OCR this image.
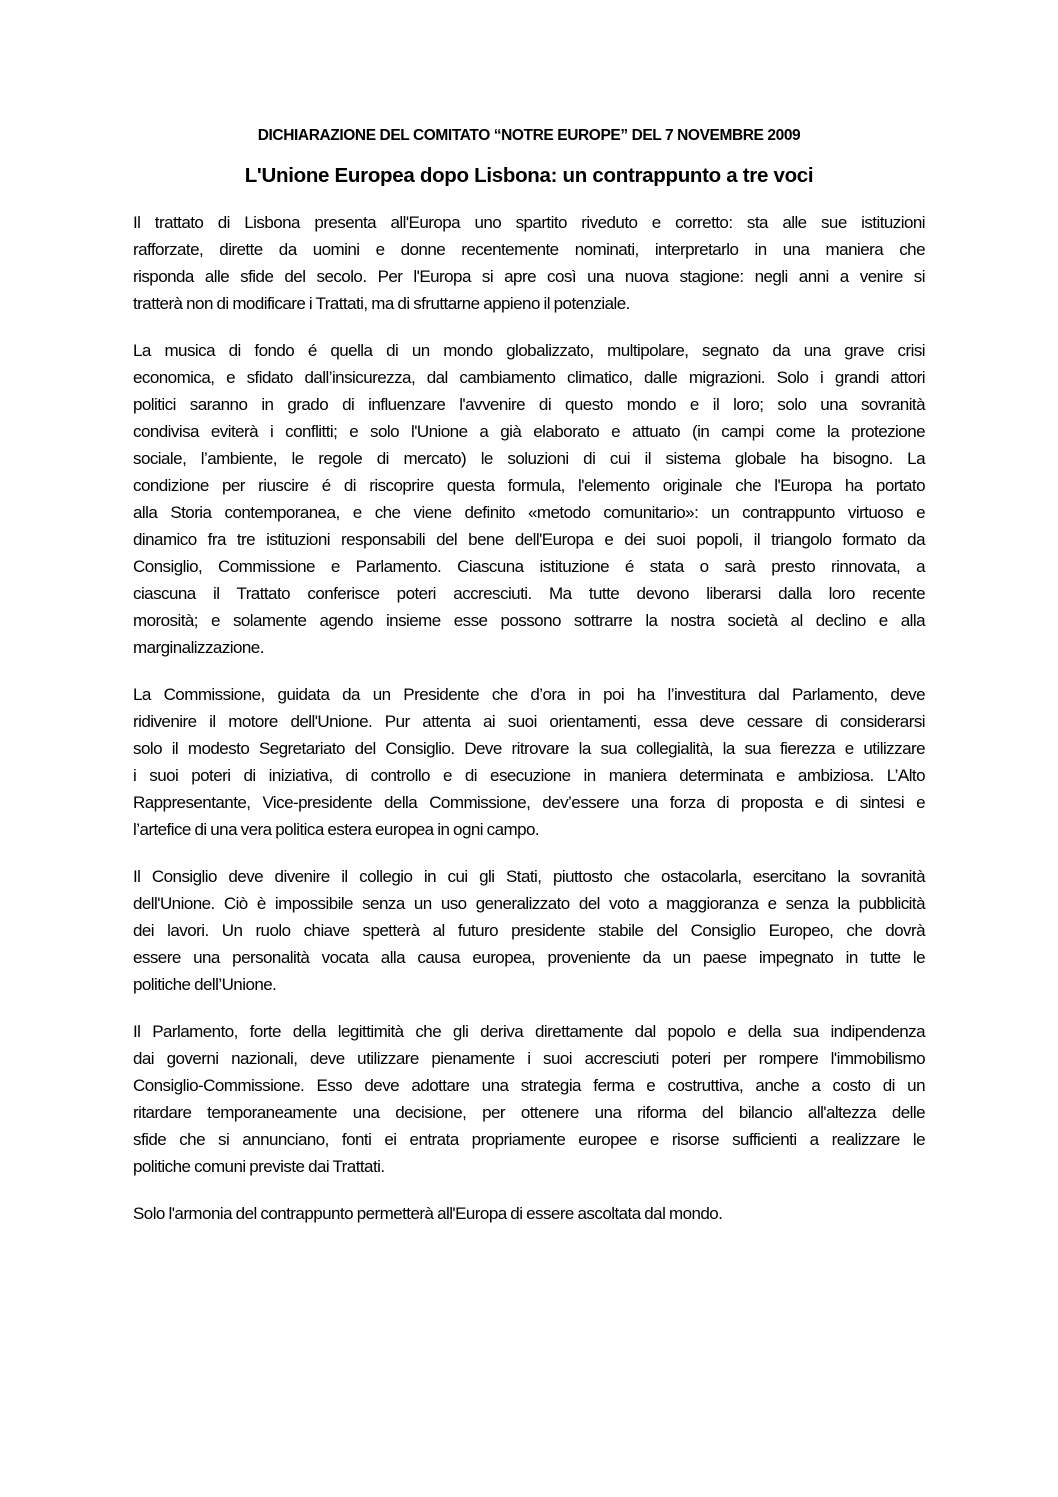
DICHIARAZIONE DEL COMITATO “NOTRE EUROPE” DEL 7 NOVEMBRE 2009
L'Unione Europea dopo Lisbona: un contrappunto a tre voci

Il trattato di Lisbona presenta all'Europa uno spartito riveduto e corretto: sta alle sue istituzioni
rafforzate, dirette da uomini e donne recentemente nominati, interpretarlo in una maniera che
risponda alle sfide del secolo. Per l'Europa si apre così una nuova stagione: negli anni a venire si
tratterà non di modificare i Trattati, ma di sfruttarne appieno il potenziale.

La musica di fondo é quella di un mondo globalizzato, multipolare, segnato da una grave crisi
economica, e sfidato dall’insicurezza, dal cambiamento climatico, dalle migrazioni. Solo i grandi attori
politici saranno in grado di influenzare l'avvenire di questo mondo e il loro; solo una sovranità
condivisa eviterà i conflitti; e solo l'Unione a già elaborato e attuato (in campi come la protezione
sociale, l’ambiente, le regole di mercato) le soluzioni di cui il sistema globale ha bisogno. La
condizione per riuscire é di riscoprire questa formula, l'elemento originale che l'Europa ha portato
alla Storia contemporanea, e che viene definito «metodo comunitario»: un contrappunto virtuoso e
dinamico fra tre istituzioni responsabili del bene dell'Europa e dei suoi popoli, il triangolo formato da
Consiglio, Commissione e Parlamento. Ciascuna istituzione é stata o sarà presto rinnovata, a
ciascuna il Trattato conferisce poteri accresciuti. Ma tutte devono liberarsi dalla loro recente
morosità; e solamente agendo insieme esse possono sottrarre la nostra società al declino e alla
marginalizzazione.

La Commissione, guidata da un Presidente che d’ora in poi ha l’investitura dal Parlamento, deve
ridivenire il motore dell'Unione. Pur attenta ai suoi orientamenti, essa deve cessare di considerarsi
solo il modesto Segretariato del Consiglio. Deve ritrovare la sua collegialità, la sua fierezza e utilizzare
i suoi poteri di iniziativa, di controllo e di esecuzione in maniera determinata e ambiziosa. L’Alto
Rappresentante, Vice-presidente della Commissione, dev’essere una forza di proposta e di sintesi e
l’artefice di una vera politica estera europea in ogni campo.

Il Consiglio deve divenire il collegio in cui gli Stati, piuttosto che ostacolarla, esercitano la sovranità
dell'Unione. Ciò è impossibile senza un uso generalizzato del voto a maggioranza e senza la pubblicità
dei lavori. Un ruolo chiave spetterà al futuro presidente stabile del Consiglio Europeo, che dovrà
essere una personalità vocata alla causa europea, proveniente da un paese impegnato in tutte le
politiche dell’Unione.

Il Parlamento, forte della legittimità che gli deriva direttamente dal popolo e della sua indipendenza
dai governi nazionali, deve utilizzare pienamente i suoi accresciuti poteri per rompere l'immobilismo
Consiglio-Commissione. Esso deve adottare una strategia ferma e costruttiva, anche a costo di un
ritardare temporaneamente una decisione, per ottenere una riforma del bilancio all'altezza delle
sfide che si annunciano, fonti ei entrata propriamente europee e risorse sufficienti a realizzare le
politiche comuni previste dai Trattati.

Solo l'armonia del contrappunto permetterà all'Europa di essere ascoltata dal mondo.
